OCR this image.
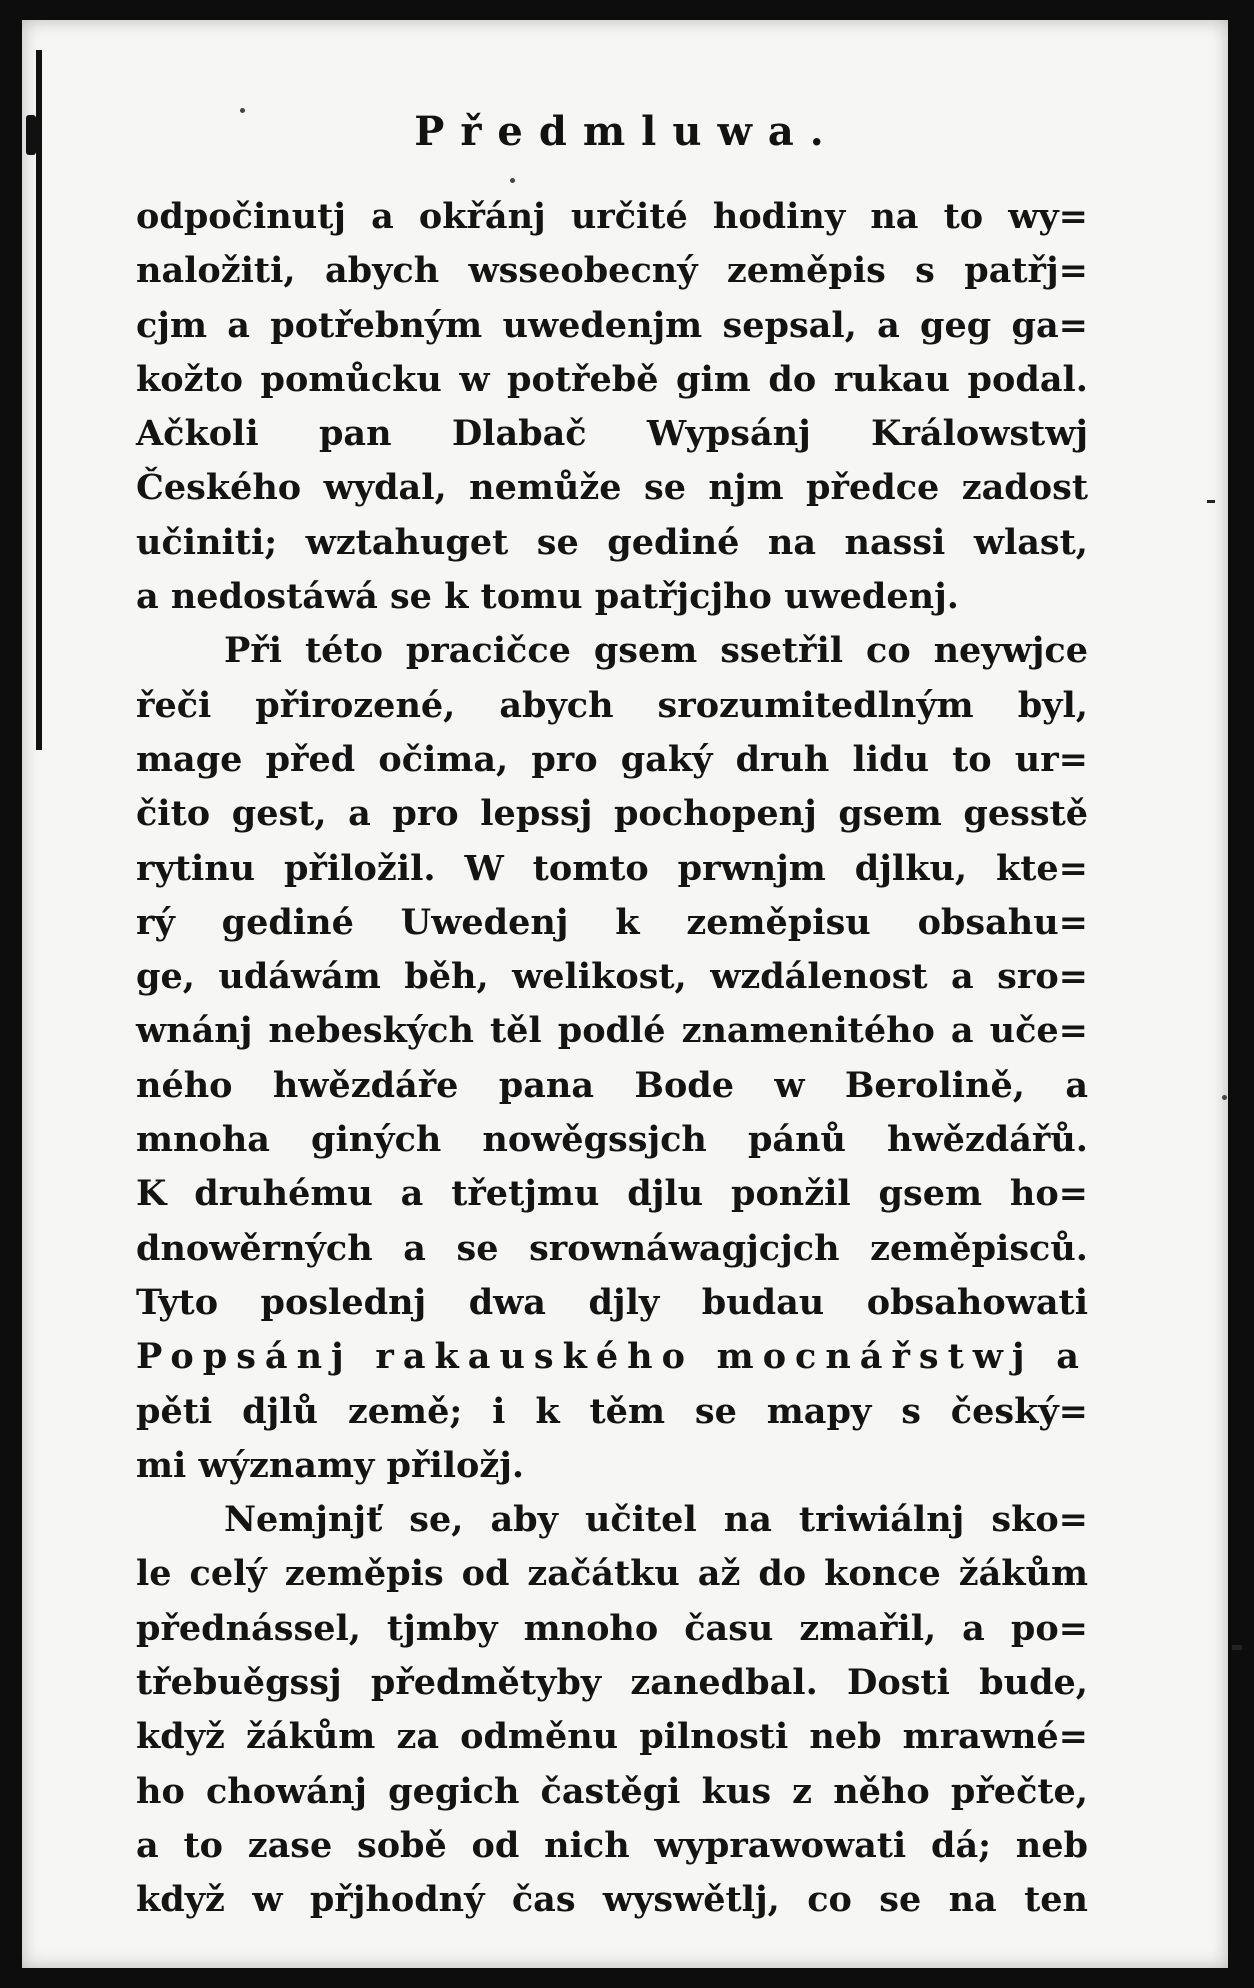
Předmluwa.
odpočinutj a okřánj určité hodiny na to wy=
naložiti, abych wsseobecný zeměpis s patřj=
cjm a potřebným uwedenjm sepsal, a geg ga=
kožto pomůcku w potřebě gim do rukau podal.
Ačkoli pan Dlabač Wypsánj Králowstwj
Českého wydal, nemůže se njm předce zadost
učiniti; wztahuget se gediné na nassi wlast,
a nedostáwá se k tomu patřjcjho uwedenj.
Při této pracičce gsem ssetřil co neywjce
řeči přirozené, abych srozumitedlným byl,
mage před očima, pro gaký druh lidu to ur=
čito gest, a pro lepssj pochopenj gsem gesstě
rytinu přiložil. W tomto prwnjm djlku, kte=
rý gediné Uwedenj k zeměpisu obsahu=
ge, udáwám běh, welikost, wzdálenost a sro=
wnánj nebeských těl podlé znamenitého a uče=
ného hwězdáře pana Bode w Berolině, a
mnoha giných nowěgssjch pánů hwězdářů.
K druhému a třetjmu djlu ponžil gsem ho=
dnowěrných a se srownáwagjcjch zeměpisců.
Tyto poslednj dwa djly budau obsahowati
Popsánj rakauského mocnářstwj a
pěti djlů země; i k těm se mapy s český=
mi wýznamy přiložj.
Nemjnjť se, aby učitel na triwiálnj sko=
le celý zeměpis od začátku až do konce žákům
přednássel, tjmby mnoho času zmařil, a po=
třebuěgssj předmětyby zanedbal. Dosti bude,
když žákům za odměnu pilnosti neb mrawné=
ho chowánj gegich častěgi kus z něho přečte,
a to zase sobě od nich wyprawowati dá; neb
když w přjhodný čas wyswětlj, co se na ten
